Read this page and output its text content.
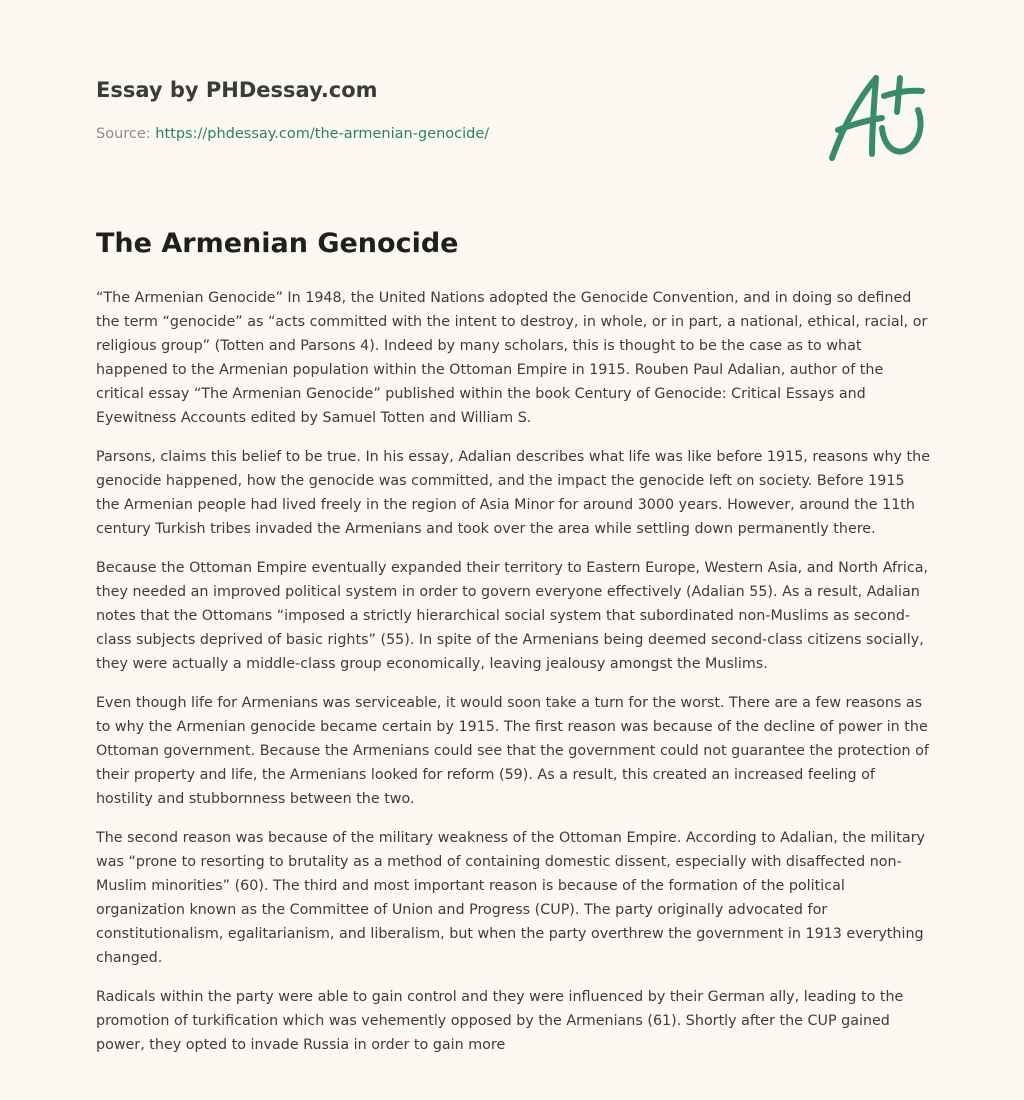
Essay by PHDessay.com
Source: https://phdessay.com/the-armenian-genocide/
The Armenian Genocide

“The Armenian Genocide” In 1948, the United Nations adopted the Genocide Convention, and in doing so defined the term “genocide” as “acts committed with the intent to destroy, in whole, or in part, a national, ethical, racial, or religious group” (Totten and Parsons 4). Indeed by many scholars, this is thought to be the case as to what happened to the Armenian population within the Ottoman Empire in 1915. Rouben Paul Adalian, author of the critical essay “The Armenian Genocide” published within the book Century of Genocide: Critical Essays and Eyewitness Accounts edited by Samuel Totten and William S.

Parsons, claims this belief to be true. In his essay, Adalian describes what life was like before 1915, reasons why the genocide happened, how the genocide was committed, and the impact the genocide left on society. Before 1915 the Armenian people had lived freely in the region of Asia Minor for around 3000 years. However, around the 11th century Turkish tribes invaded the Armenians and took over the area while settling down permanently there.

Because the Ottoman Empire eventually expanded their territory to Eastern Europe, Western Asia, and North Africa, they needed an improved political system in order to govern everyone effectively (Adalian 55). As a result, Adalian notes that the Ottomans “imposed a strictly hierarchical social system that subordinated non-Muslims as second-class subjects deprived of basic rights” (55). In spite of the Armenians being deemed second-class citizens socially, they were actually a middle-class group economically, leaving jealousy amongst the Muslims.

Even though life for Armenians was serviceable, it would soon take a turn for the worst. There are a few reasons as to why the Armenian genocide became certain by 1915. The first reason was because of the decline of power in the Ottoman government. Because the Armenians could see that the government could not guarantee the protection of their property and life, the Armenians looked for reform (59). As a result, this created an increased feeling of hostility and stubbornness between the two.

The second reason was because of the military weakness of the Ottoman Empire. According to Adalian, the military was “prone to resorting to brutality as a method of containing domestic dissent, especially with disaffected non-Muslim minorities” (60). The third and most important reason is because of the formation of the political organization known as the Committee of Union and Progress (CUP). The party originally advocated for constitutionalism, egalitarianism, and liberalism, but when the party overthrew the government in 1913 everything changed.

Radicals within the party were able to gain control and they were influenced by their German ally, leading to the promotion of turkification which was vehemently opposed by the Armenians (61). Shortly after the CUP gained power, they opted to invade Russia in order to gain more
